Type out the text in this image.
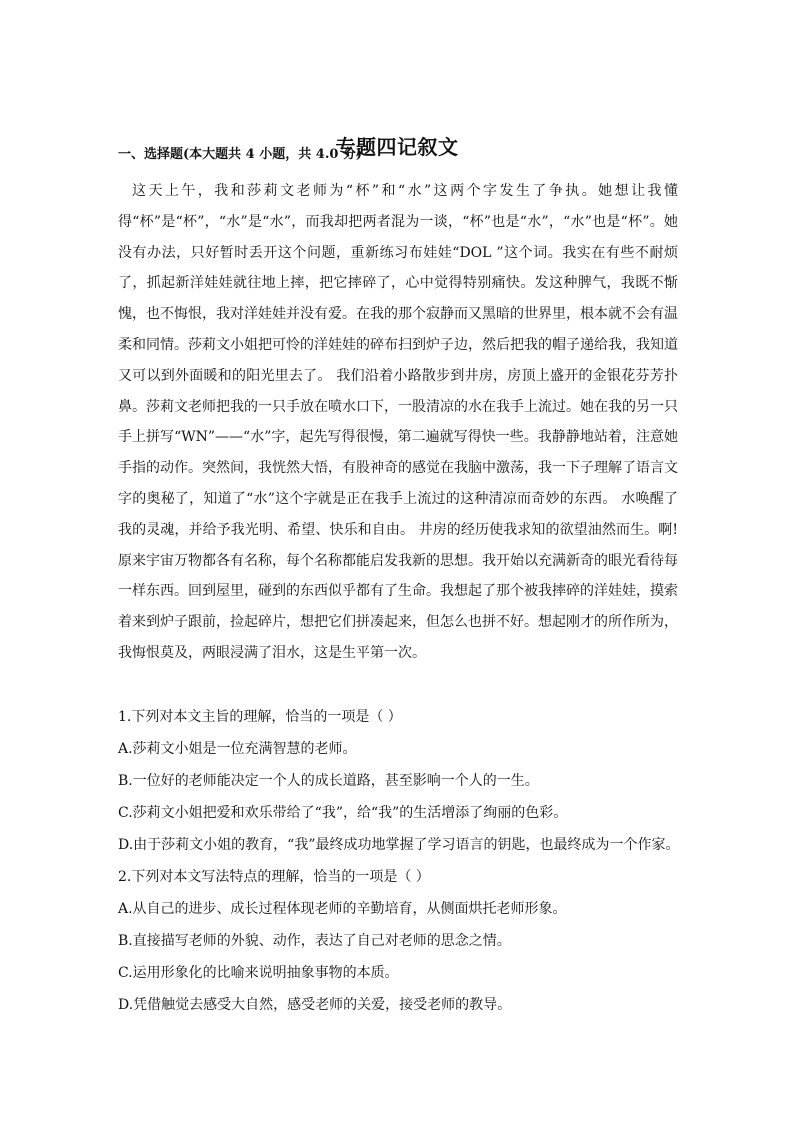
专题四记叙文
一、选择题(本大题共 4 小题，共 4.0 分)

这天上午，我和莎莉文老师为“杯”和“水”这两个字发生了争执。她想让我懂得“杯”是“杯”，“水”是“水”，而我却把两者混为一谈，“杯”也是“水”，“水”也是“杯”。她没有办法，只好暂时丢开这个问题，重新练习布娃娃“DOL ”这个词。我实在有些不耐烦了，抓起新洋娃娃就往地上摔，把它摔碎了，心中觉得特别痛快。发这种脾气，我既不惭愧，也不悔恨，我对洋娃娃并没有爱。在我的那个寂静而又黑暗的世界里，根本就不会有温柔和同情。莎莉文小姐把可怜的洋娃娃的碎布扫到炉子边，然后把我的帽子递给我，我知道又可以到外面暖和的阳光里去了。 我们沿着小路散步到井房，房顶上盛开的金银花芬芳扑鼻。莎莉文老师把我的一只手放在喷水口下，一股清凉的水在我手上流过。她在我的另一只手上拼写“WN”——“水”字，起先写得很慢，第二遍就写得快一些。我静静地站着，注意她手指的动作。突然间，我恍然大悟，有股神奇的感觉在我脑中激荡，我一下子理解了语言文字的奥秘了，知道了“水”这个字就是正在我手上流过的这种清凉而奇妙的东西。 水唤醒了我的灵魂，并给予我光明、希望、快乐和自由。 井房的经历使我求知的欲望油然而生。啊!原来宇宙万物都各有名称，每个名称都能启发我新的思想。我开始以充满新奇的眼光看待每一样东西。回到屋里，碰到的东西似乎都有了生命。我想起了那个被我摔碎的洋娃娃，摸索着来到炉子跟前，捡起碎片，想把它们拼凑起来，但怎么也拼不好。想起刚才的所作所为，我悔恨莫及，两眼浸满了泪水，这是生平第一次。

1.下列对本文主旨的理解，恰当的一项是（ ）
A.莎莉文小姐是一位充满智慧的老师。
B.一位好的老师能决定一个人的成长道路，甚至影响一个人的一生。
C.莎莉文小姐把爱和欢乐带给了“我”，给“我”的生活增添了绚丽的色彩。
D.由于莎莉文小姐的教育，“我”最终成功地掌握了学习语言的钥匙，也最终成为一个作家。
2.下列对本文写法特点的理解，恰当的一项是（ ）
A.从自己的进步、成长过程体现老师的辛勤培育，从侧面烘托老师形象。
B.直接描写老师的外貌、动作，表达了自己对老师的思念之情。
C.运用形象化的比喻来说明抽象事物的本质。
D.凭借触觉去感受大自然，感受老师的关爱，接受老师的教导。
